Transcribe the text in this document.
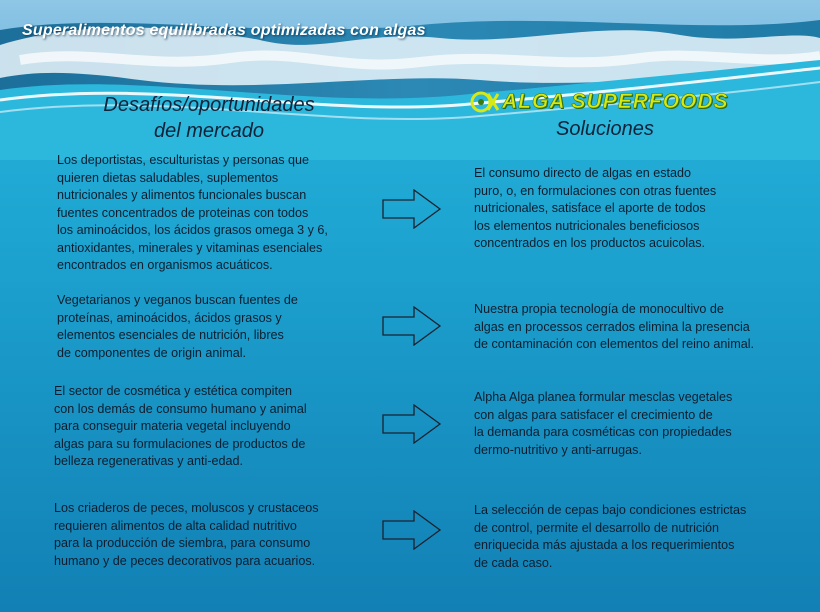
Superalimentos equilibradas optimizadas con algas
Desafíos/oportunidades
del mercado
ALGA SUPERFOODS
Soluciones

Los deportistas, esculturistas y personas que
quieren dietas saludables, suplementos
nutricionales y alimentos funcionales buscan
fuentes concentrados de proteinas con todos
los aminoácidos, los ácidos grasos omega 3 y 6,
antioxidantes, minerales y vitaminas esenciales
encontrados en organismos acuáticos.

Vegetarianos y veganos buscan fuentes de
proteínas, aminoácidos, ácidos grasos y
elementos esenciales de nutrición, libres
de componentes de origin animal.

El sector de cosmética y estética compiten
con los demás de consumo humano y animal
para conseguir materia vegetal incluyendo
algas para su formulaciones de productos de
belleza regenerativas y anti-edad.

Los criaderos de peces, moluscos y crustaceos
requieren alimentos de alta calidad nutritivo
para la producción de siembra, para consumo
humano y de peces decorativos para acuarios.

El consumo directo de algas en estado
puro, o, en formulaciones con otras fuentes
nutricionales, satisface el aporte de todos
los elementos nutricionales beneficiosos
concentrados en los productos acuicolas.

Nuestra propia tecnología de monocultivo de
algas en processos cerrados elimina la presencia
de contaminación con elementos del reino animal.

Alpha Alga planea formular mesclas vegetales
con algas para satisfacer el crecimiento de
la demanda para cosméticas con propiedades
dermo-nutritivo y anti-arrugas.

La selección de cepas bajo condiciones estrictas
de control, permite el desarrollo de nutrición
enriquecida más ajustada a los requerimientos
de cada caso.
